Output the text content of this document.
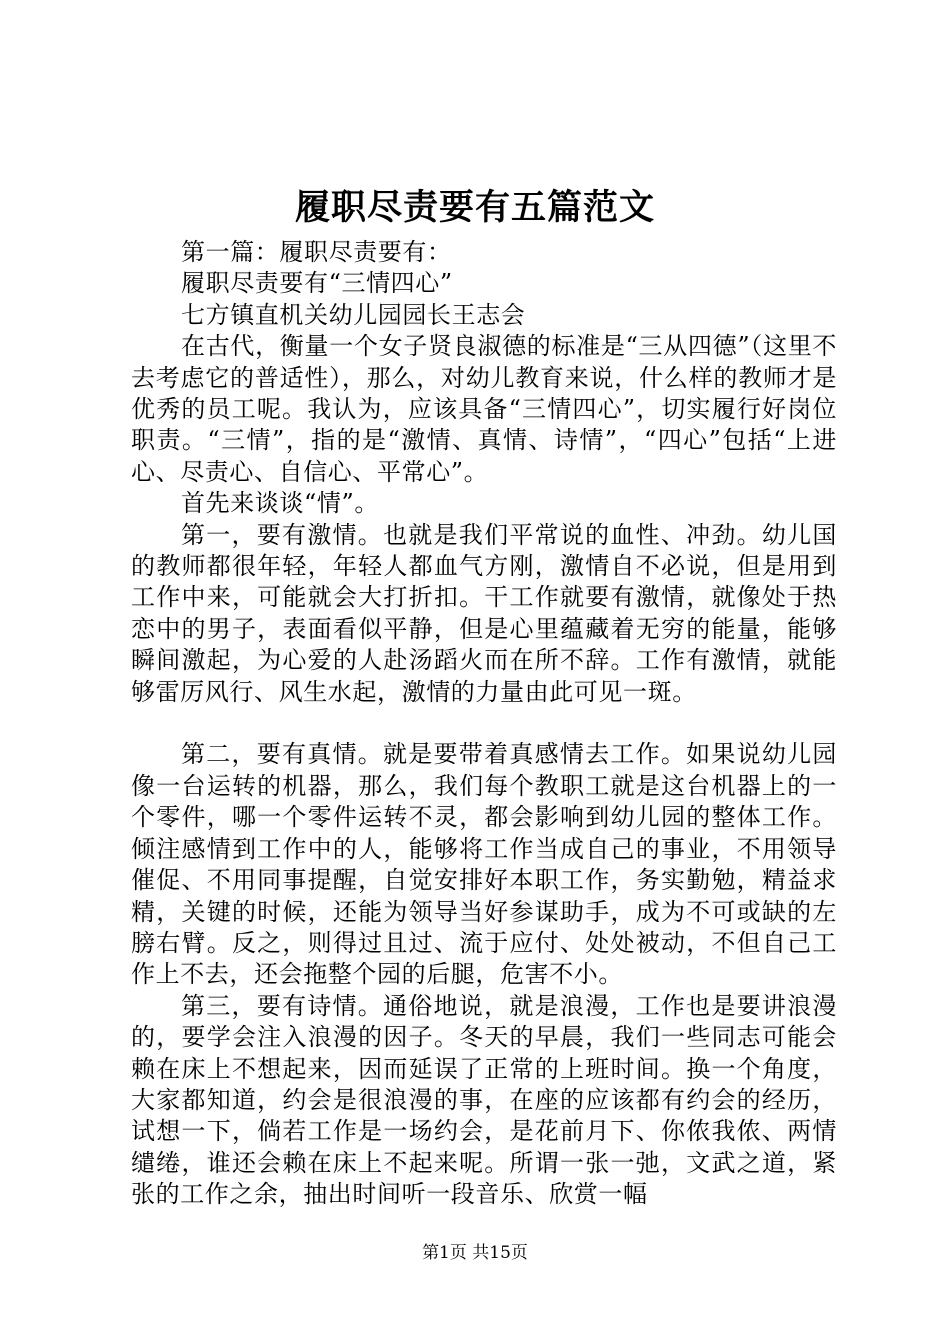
履职尽责要有五篇范文

第一篇：履职尽责要有：

履职尽责要有“三情四心”

七方镇直机关幼儿园园长王志会

在古代，衡量一个女子贤良淑德的标准是“三从四德”（这里不去考虑它的普适性），那么，对幼儿教育来说，什么样的教师才是优秀的员工呢。我认为，应该具备“三情四心”，切实履行好岗位职责。“三情”，指的是“激情、真情、诗情”，“四心”包括“上进心、尽责心、自信心、平常心”。

首先来谈谈“情”。

第一，要有激情。也就是我们平常说的血性、冲劲。幼儿国的教师都很年轻，年轻人都血气方刚，激情自不必说，但是用到工作中来，可能就会大打折扣。干工作就要有激情，就像处于热恋中的男子，表面看似平静，但是心里蕴藏着无穷的能量，能够瞬间激起，为心爱的人赴汤蹈火而在所不辞。工作有激情，就能够雷厉风行、风生水起，激情的力量由此可见一斑。

第二，要有真情。就是要带着真感情去工作。如果说幼儿园像一台运转的机器，那么，我们每个教职工就是这台机器上的一个零件，哪一个零件运转不灵，都会影响到幼儿园的整体工作。倾注感情到工作中的人，能够将工作当成自己的事业，不用领导催促、不用同事提醒，自觉安排好本职工作，务实勤勉，精益求精，关键的时候，还能为领导当好参谋助手，成为不可或缺的左膀右臂。反之，则得过且过、流于应付、处处被动，不但自己工作上不去，还会拖整个园的后腿，危害不小。

第三，要有诗情。通俗地说，就是浪漫，工作也是要讲浪漫的，要学会注入浪漫的因子。冬天的早晨，我们一些同志可能会赖在床上不想起来，因而延误了正常的上班时间。换一个角度，大家都知道，约会是很浪漫的事，在座的应该都有约会的经历，试想一下，倘若工作是一场约会，是花前月下、你侬我侬、两情缱绻，谁还会赖在床上不起来呢。所谓一张一弛，文武之道，紧张的工作之余，抽出时间听一段音乐、欣赏一幅

第1页 共15页
